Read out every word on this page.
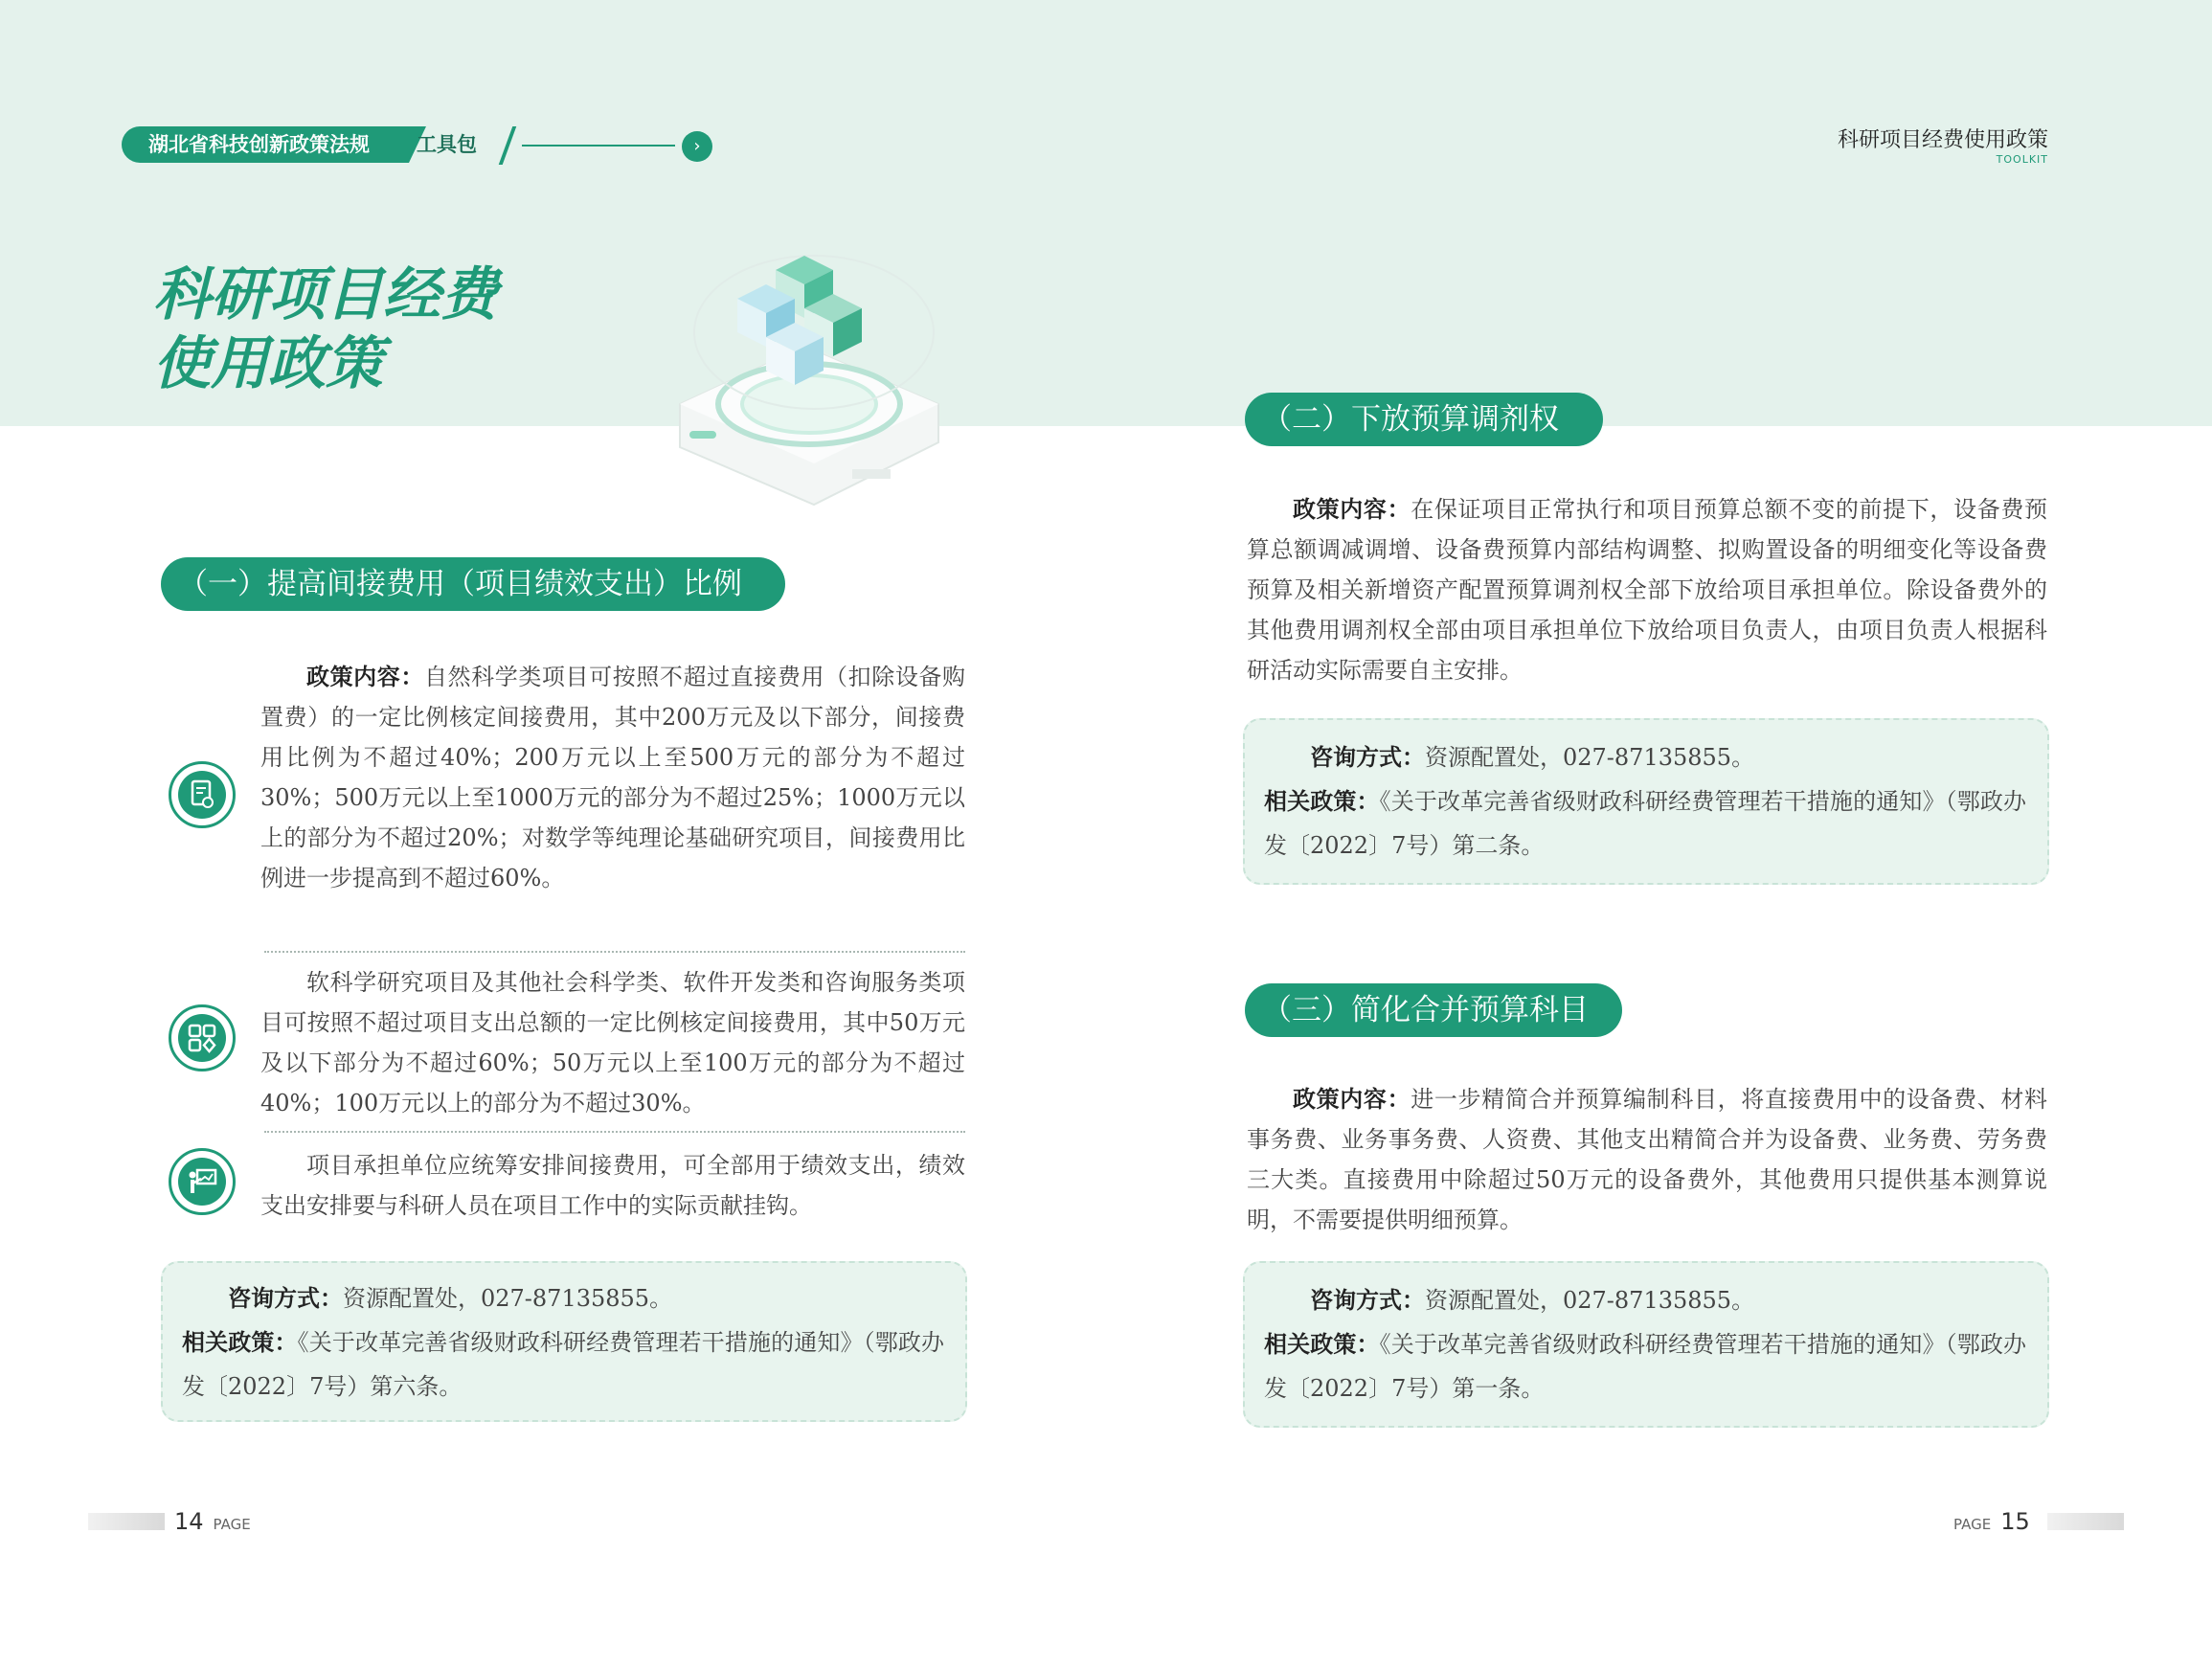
湖北省科技创新政策法规	工具包	›	科研项目经费使用政策
TOOLKIT
科研项目经费
使用政策
（一）提高间接费用（项目绩效支出）比例
政策内容：自然科学类项目可按照不超过直接费用（扣除设备购置费）的一定比例核定间接费用，其中200万元及以下部分，间接费用比例为不超过40%；200万元以上至500万元的部分为不超过30%；500万元以上至1000万元的部分为不超过25%；1000万元以上的部分为不超过20%；对数学等纯理论基础研究项目，间接费用比例进一步提高到不超过60%。
软科学研究项目及其他社会科学类、软件开发类和咨询服务类项目可按照不超过项目支出总额的一定比例核定间接费用，其中50万元及以下部分为不超过60%；50万元以上至100万元的部分为不超过40%；100万元以上的部分为不超过30%。
项目承担单位应统筹安排间接费用，可全部用于绩效支出，绩效支出安排要与科研人员在项目工作中的实际贡献挂钩。
咨询方式：资源配置处，027-87135855。
相关政策：《关于改革完善省级财政科研经费管理若干措施的通知》（鄂政办发〔2022〕7号）第六条。
（二）下放预算调剂权
政策内容：在保证项目正常执行和项目预算总额不变的前提下，设备费预算总额调减调增、设备费预算内部结构调整、拟购置设备的明细变化等设备费预算及相关新增资产配置预算调剂权全部下放给项目承担单位。除设备费外的其他费用调剂权全部由项目承担单位下放给项目负责人，由项目负责人根据科研活动实际需要自主安排。
咨询方式：资源配置处，027-87135855。
相关政策：《关于改革完善省级财政科研经费管理若干措施的通知》（鄂政办发〔2022〕7号）第二条。
（三）简化合并预算科目
政策内容：进一步精简合并预算编制科目，将直接费用中的设备费、材料事务费、业务事务费、人资费、其他支出精简合并为设备费、业务费、劳务费三大类。直接费用中除超过50万元的设备费外，其他费用只提供基本测算说明，不需要提供明细预算。
咨询方式：资源配置处，027-87135855。
相关政策：《关于改革完善省级财政科研经费管理若干措施的通知》（鄂政办发〔2022〕7号）第一条。
14 PAGE	PAGE 15
